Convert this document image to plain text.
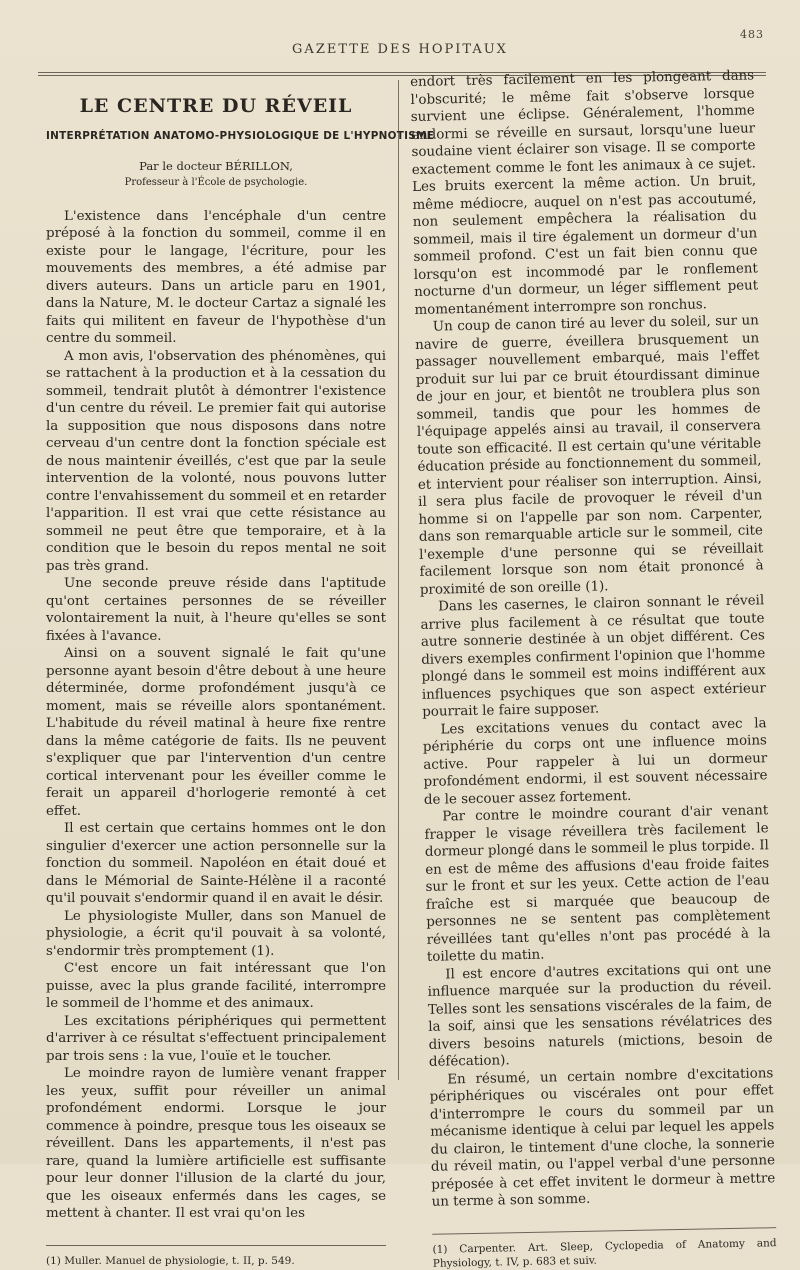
483
GAZETTE DES HOPITAUX
LE CENTRE DU RÉVEIL
INTERPRÉTATION ANATOMO-PHYSIOLOGIQUE DE L'HYPNOTISME
Par le docteur BÉRILLON,
Professeur à l'École de psychologie.

L'existence dans l'encéphale d'un centre préposé à la fonction du sommeil, comme il en existe pour le langage, l'écriture, pour les mouvements des membres, a été admise par divers auteurs. Dans un article paru en 1901, dans la Nature, M. le docteur Cartaz a signalé les faits qui militent en faveur de l'hypothèse d'un centre du sommeil.

A mon avis, l'observation des phénomènes, qui se rattachent à la production et à la cessation du sommeil, tendrait plutôt à démontrer l'existence d'un centre du réveil. Le premier fait qui autorise la supposition que nous disposons dans notre cerveau d'un centre dont la fonction spéciale est de nous maintenir éveillés, c'est que par la seule intervention de la volonté, nous pouvons lutter contre l'envahissement du sommeil et en retarder l'apparition. Il est vrai que cette résistance au sommeil ne peut être que temporaire, et à la condition que le besoin du repos mental ne soit pas très grand.

Une seconde preuve réside dans l'aptitude qu'ont certaines personnes de se réveiller volontairement la nuit, à l'heure qu'elles se sont fixées à l'avance.

Ainsi on a souvent signalé le fait qu'une personne ayant besoin d'être debout à une heure déterminée, dorme profondément jusqu'à ce moment, mais se réveille alors spontanément. L'habitude du réveil matinal à heure fixe rentre dans la même catégorie de faits. Ils ne peuvent s'expliquer que par l'intervention d'un centre cortical intervenant pour les éveiller comme le ferait un appareil d'horlogerie remonté à cet effet.

Il est certain que certains hommes ont le don singulier d'exercer une action personnelle sur la fonction du sommeil. Napoléon en était doué et dans le Mémorial de Sainte-Hélène il a raconté qu'il pouvait s'endormir quand il en avait le désir.

Le physiologiste Muller, dans son Manuel de physiologie, a écrit qu'il pouvait à sa volonté, s'endormir très promptement (1).

C'est encore un fait intéressant que l'on puisse, avec la plus grande facilité, interrompre le sommeil de l'homme et des animaux.

Les excitations périphériques qui permettent d'arriver à ce résultat s'effectuent principalement par trois sens : la vue, l'ouïe et le toucher.

Le moindre rayon de lumière venant frapper les yeux, suffit pour réveiller un animal profondément endormi. Lorsque le jour commence à poindre, presque tous les oiseaux se réveillent. Dans les appartements, il n'est pas rare, quand la lumière artificielle est suffisante pour leur donner l'illusion de la clarté du jour, que les oiseaux enfermés dans les cages, se mettent à chanter. Il est vrai qu'on les

(1) Muller. Manuel de physiologie, t. II, p. 549.

endort très facilement en les plongeant dans l'obscurité; le même fait s'observe lorsque survient une éclipse. Généralement, l'homme endormi se réveille en sursaut, lorsqu'une lueur soudaine vient éclairer son visage. Il se comporte exactement comme le font les animaux à ce sujet. Les bruits exercent la même action. Un bruit, même médiocre, auquel on n'est pas accoutumé, non seulement empêchera la réalisation du sommeil, mais il tire également un dormeur d'un sommeil profond. C'est un fait bien connu que lorsqu'on est incommodé par le ronflement nocturne d'un dormeur, un léger sifflement peut momentanément interrompre son ronchus.

Un coup de canon tiré au lever du soleil, sur un navire de guerre, éveillera brusquement un passager nouvellement embarqué, mais l'effet produit sur lui par ce bruit étourdissant diminue de jour en jour, et bientôt ne troublera plus son sommeil, tandis que pour les hommes de l'équipage appelés ainsi au travail, il conservera toute son efficacité. Il est certain qu'une véritable éducation préside au fonctionnement du sommeil, et intervient pour réaliser son interruption. Ainsi, il sera plus facile de provoquer le réveil d'un homme si on l'appelle par son nom. Carpenter, dans son remarquable article sur le sommeil, cite l'exemple d'une personne qui se réveillait facilement lorsque son nom était prononcé à proximité de son oreille (1).

Dans les casernes, le clairon sonnant le réveil arrive plus facilement à ce résultat que toute autre sonnerie destinée à un objet différent. Ces divers exemples confirment l'opinion que l'homme plongé dans le sommeil est moins indifférent aux influences psychiques que son aspect extérieur pourrait le faire supposer.

Les excitations venues du contact avec la périphérie du corps ont une influence moins active. Pour rappeler à lui un dormeur profondément endormi, il est souvent nécessaire de le secouer assez fortement.

Par contre le moindre courant d'air venant frapper le visage réveillera très facilement le dormeur plongé dans le sommeil le plus torpide. Il en est de même des affusions d'eau froide faites sur le front et sur les yeux. Cette action de l'eau fraîche est si marquée que beaucoup de personnes ne se sentent pas complètement réveillées tant qu'elles n'ont pas procédé à la toilette du matin.

Il est encore d'autres excitations qui ont une influence marquée sur la production du réveil. Telles sont les sensations viscérales de la faim, de la soif, ainsi que les sensations révélatrices des divers besoins naturels (mictions, besoin de défécation).

En résumé, un certain nombre d'excitations périphériques ou viscérales ont pour effet d'interrompre le cours du sommeil par un mécanisme identique à celui par lequel les appels du clairon, le tintement d'une cloche, la sonnerie du réveil matin, ou l'appel verbal d'une personne préposée à cet effet invitent le dormeur à mettre un terme à son somme.

(1) Carpenter. Art. Sleep, Cyclopedia of Anatomy and Physiology, t. IV, p. 683 et suiv.
